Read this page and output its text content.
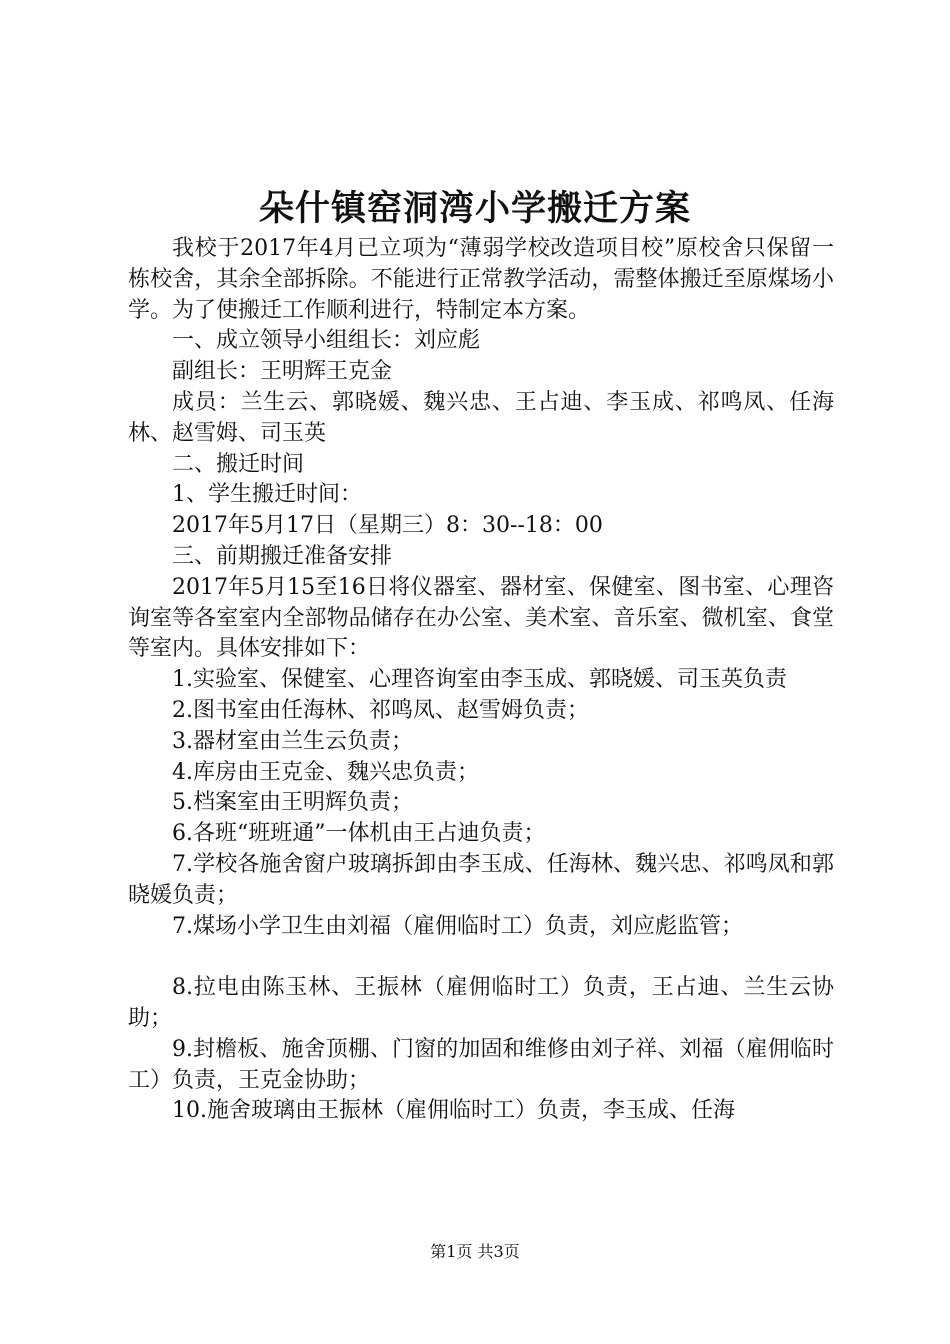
朵什镇窑洞湾小学搬迁方案

我校于2017年4月已立项为“薄弱学校改造项目校”原校舍只保留一栋校舍，其余全部拆除。不能进行正常教学活动，需整体搬迁至原煤场小学。为了使搬迁工作顺利进行，特制定本方案。

一、成立领导小组组长：刘应彪

副组长：王明辉王克金

成员：兰生云、郭晓媛、魏兴忠、王占迪、李玉成、祁鸣凤、任海林、赵雪姆、司玉英

二、搬迁时间

1、学生搬迁时间：

2017年5月17日（星期三）8：30--18：00

三、前期搬迁准备安排

2017年5月15至16日将仪器室、器材室、保健室、图书室、心理咨询室等各室室内全部物品储存在办公室、美术室、音乐室、微机室、食堂等室内。具体安排如下：

1.实验室、保健室、心理咨询室由李玉成、郭晓媛、司玉英负责

2.图书室由任海林、祁鸣凤、赵雪姆负责；

3.器材室由兰生云负责；

4.库房由王克金、魏兴忠负责；

5.档案室由王明辉负责；

6.各班“班班通”一体机由王占迪负责；

7.学校各施舍窗户玻璃拆卸由李玉成、任海林、魏兴忠、祁鸣凤和郭晓媛负责；

7.煤场小学卫生由刘福（雇佣临时工）负责，刘应彪监管；

8.拉电由陈玉林、王振林（雇佣临时工）负责，王占迪、兰生云协助；

9.封檐板、施舍顶棚、门窗的加固和维修由刘子祥、刘福（雇佣临时工）负责，王克金协助；

10.施舍玻璃由王振林（雇佣临时工）负责，李玉成、任海

第1页 共3页
